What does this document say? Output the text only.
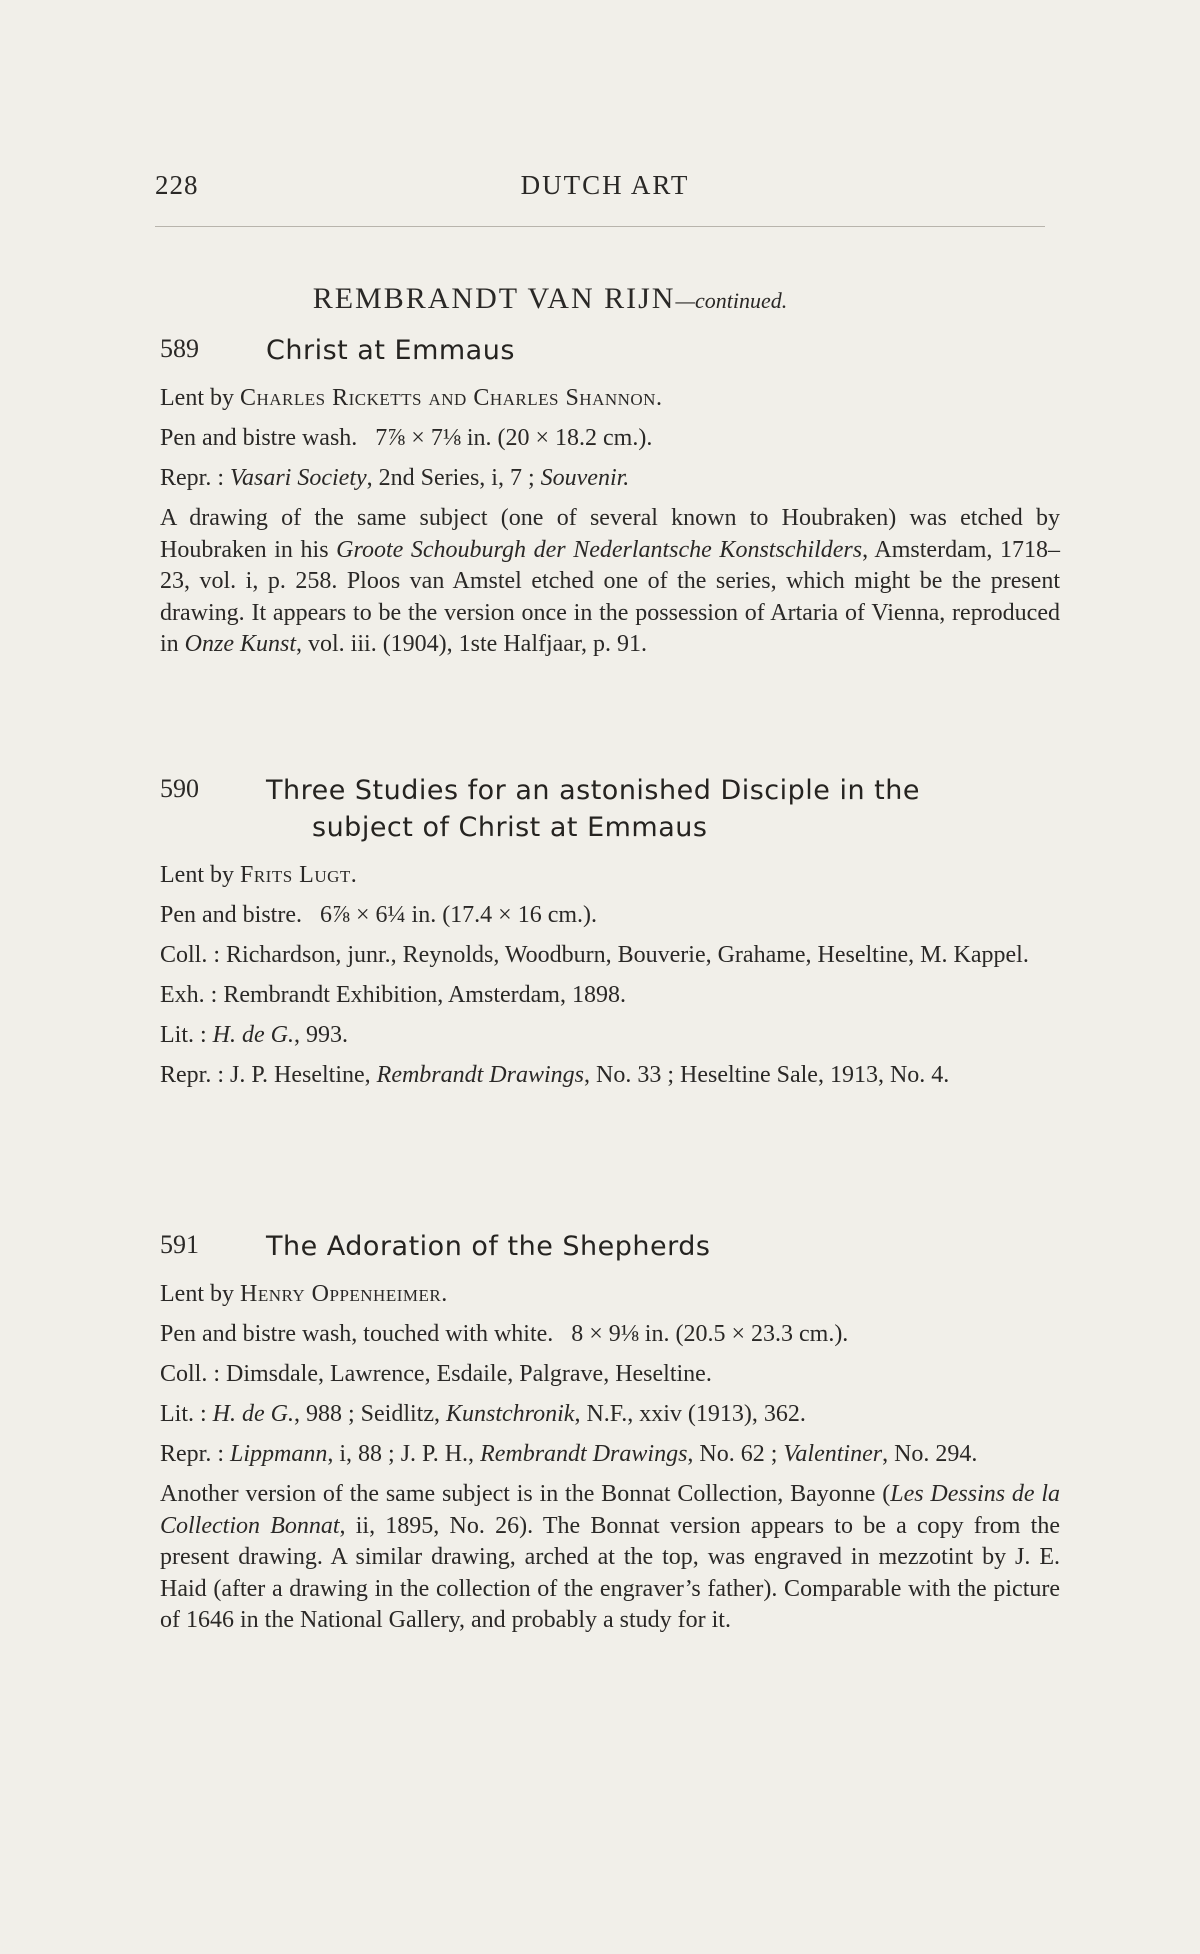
228	DUTCH ART
REMBRANDT VAN RIJN—continued.
589 Christ at Emmaus
Lent by Charles Ricketts and Charles Shannon.
Pen and bistre wash. 7⅞ × 7⅛ in. (20 × 18.2 cm.).
Repr. : Vasari Society, 2nd Series, i, 7 ; Souvenir.
A drawing of the same subject (one of several known to Houbraken) was etched by Houbraken in his Groote Schouburgh der Nederlantsche Konstschilders, Amsterdam, 1718–23, vol. i, p. 258. Ploos van Amstel etched one of the series, which might be the present drawing. It appears to be the version once in the possession of Artaria of Vienna, reproduced in Onze Kunst, vol. iii. (1904), 1ste Halfjaar, p. 91.
590 Three Studies for an astonished Disciple in the
subject of Christ at Emmaus
Lent by Frits Lugt.
Pen and bistre. 6⅞ × 6¼ in. (17.4 × 16 cm.).
Coll. : Richardson, junr., Reynolds, Woodburn, Bouverie, Grahame, Heseltine, M. Kappel.
Exh. : Rembrandt Exhibition, Amsterdam, 1898.
Lit. : H. de G., 993.
Repr. : J. P. Heseltine, Rembrandt Drawings, No. 33 ; Heseltine Sale, 1913, No. 4.
591 The Adoration of the Shepherds
Lent by Henry Oppenheimer.
Pen and bistre wash, touched with white. 8 × 9⅛ in. (20.5 × 23.3 cm.).
Coll. : Dimsdale, Lawrence, Esdaile, Palgrave, Heseltine.
Lit. : H. de G., 988 ; Seidlitz, Kunstchronik, N.F., xxiv (1913), 362.
Repr. : Lippmann, i, 88 ; J. P. H., Rembrandt Drawings, No. 62 ; Valentiner, No. 294.
Another version of the same subject is in the Bonnat Collection, Bayonne (Les Dessins de la Collection Bonnat, ii, 1895, No. 26). The Bonnat version appears to be a copy from the present drawing. A similar drawing, arched at the top, was engraved in mezzotint by J. E. Haid (after a drawing in the collection of the engraver’s father). Comparable with the picture of 1646 in the National Gallery, and probably a study for it.
